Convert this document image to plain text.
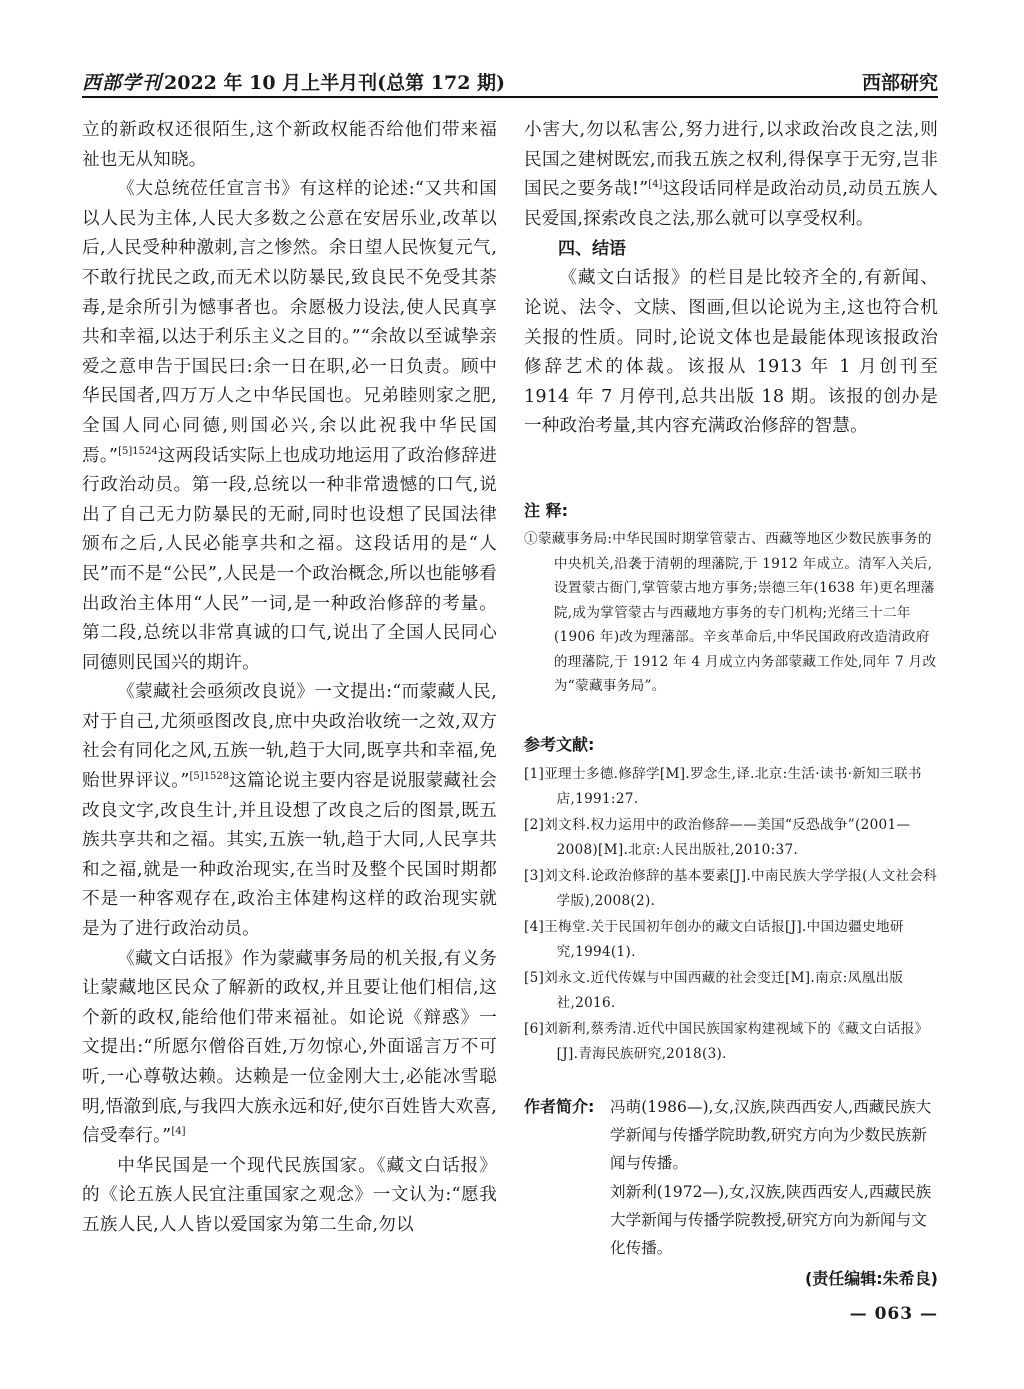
西部学刊 2022 年 10 月上半月刊(总第 172 期)	西部研究

立的新政权还很陌生,这个新政权能否给他们带来福祉也无从知晓。

《大总统莅任宣言书》有这样的论述:“又共和国以人民为主体,人民大多数之公意在安居乐业,改革以后,人民受种种激刺,言之惨然。余日望人民恢复元气,不敢行扰民之政,而无术以防暴民,致良民不免受其荼毒,是余所引为憾事者也。余愿极力设法,使人民真享共和幸福,以达于利乐主义之目的。”“余故以至诚挚亲爱之意申告于国民曰:余一日在职,必一日负责。顾中华民国者,四万万人之中华民国也。兄弟睦则家之肥,全国人同心同德,则国必兴,余以此祝我中华民国焉。”$^{[5]1524}$这两段话实际上也成功地运用了政治修辞进行政治动员。第一段,总统以一种非常遗憾的口气,说出了自己无力防暴民的无耐,同时也设想了民国法律颁布之后,人民必能享共和之福。这段话用的是“人民”而不是“公民”,人民是一个政治概念,所以也能够看出政治主体用“人民”一词,是一种政治修辞的考量。第二段,总统以非常真诚的口气,说出了全国人民同心同德则民国兴的期许。

《蒙藏社会亟须改良说》一文提出:“而蒙藏人民,对于自己,尤须亟图改良,庶中央政治收统一之效,双方社会有同化之风,五族一轨,趋于大同,既享共和幸福,免贻世界评议。”$^{[5]1528}$这篇论说主要内容是说服蒙藏社会改良文字,改良生计,并且设想了改良之后的图景,既五族共享共和之福。其实,五族一轨,趋于大同,人民享共和之福,就是一种政治现实,在当时及整个民国时期都不是一种客观存在,政治主体建构这样的政治现实就是为了进行政治动员。

《藏文白话报》作为蒙藏事务局的机关报,有义务让蒙藏地区民众了解新的政权,并且要让他们相信,这个新的政权,能给他们带来福祉。如论说《辩惑》一文提出:“所愿尔僧俗百姓,万勿惊心,外面谣言万不可听,一心尊敬达赖。达赖是一位金刚大士,必能冰雪聪明,悟澈到底,与我四大族永远和好,使尔百姓皆大欢喜,信受奉行。”[4]

中华民国是一个现代民族国家。《藏文白话报》的《论五族人民宜注重国家之观念》一文认为:“愿我五族人民,人人皆以爱国家为第二生命,勿以

小害大,勿以私害公,努力进行,以求政治改良之法,则民国之建树既宏,而我五族之权利,得保享于无穷,岂非国民之要务哉!”[4]这段话同样是政治动员,动员五族人民爱国,探索改良之法,那么就可以享受权利。

四、结语

《藏文白话报》的栏目是比较齐全的,有新闻、论说、法令、文牍、图画,但以论说为主,这也符合机关报的性质。同时,论说文体也是最能体现该报政治修辞艺术的体裁。该报从 1913 年 1 月创刊至 1914 年 7 月停刊,总共出版 18 期。该报的创办是一种政治考量,其内容充满政治修辞的智慧。

注 释:

①蒙藏事务局:中华民国时期掌管蒙古、西藏等地区少数民族事务的中央机关,沿袭于清朝的理藩院,于 1912 年成立。清军入关后,设置蒙古衙门,掌管蒙古地方事务;崇德三年(1638 年)更名理藩院,成为掌管蒙古与西藏地方事务的专门机构;光绪三十二年(1906 年)改为理藩部。辛亥革命后,中华民国政府改造清政府的理藩院,于 1912 年 4 月成立内务部蒙藏工作处,同年 7 月改为“蒙藏事务局”。

参考文献:

[1]亚理士多德.修辞学[M].罗念生,译.北京:生活·读书·新知三联书店,1991:27.

[2]刘文科.权力运用中的政治修辞——美国“反恐战争”(2001—2008)[M].北京:人民出版社,2010:37.

[3]刘文科.论政治修辞的基本要素[J].中南民族大学学报(人文社会科学版),2008(2).

[4]王梅堂.关于民国初年创办的藏文白话报[J].中国边疆史地研究,1994(1).

[5]刘永文.近代传媒与中国西藏的社会变迁[M].南京:凤凰出版社,2016.

[6]刘新利,蔡秀清.近代中国民族国家构建视域下的《藏文白话报》[J].青海民族研究,2018(3).

作者简介: 冯萌(1986—),女,汉族,陕西西安人,西藏民族大学新闻与传播学院助教,研究方向为少数民族新闻与传播。

刘新利(1972—),女,汉族,陕西西安人,西藏民族大学新闻与传播学院教授,研究方向为新闻与文化传播。

(责任编辑:朱希良)
— 063 —
